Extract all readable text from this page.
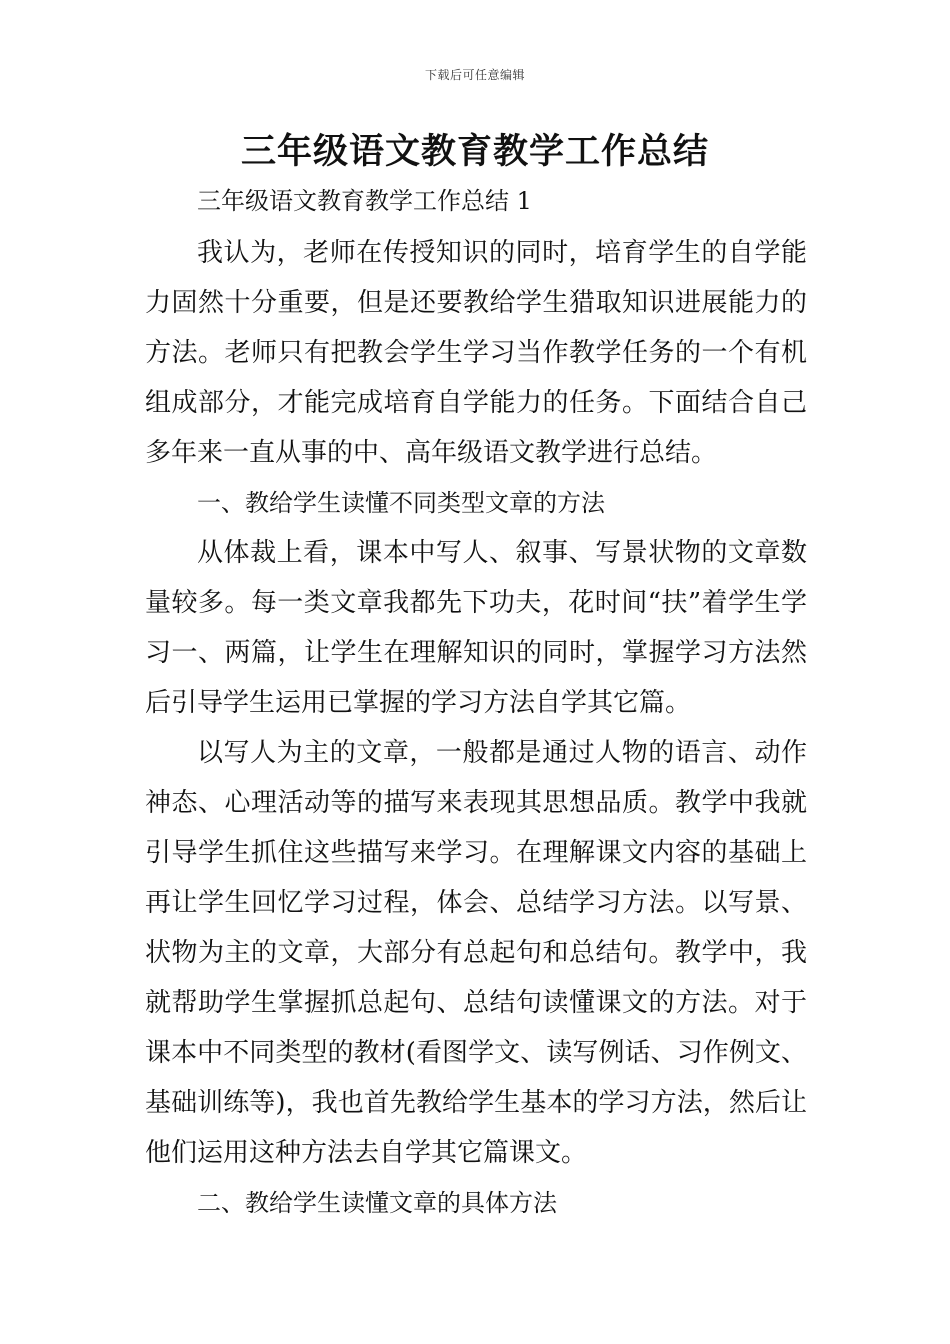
下载后可任意编辑
三年级语文教育教学工作总结

三年级语文教育教学工作总结 1

我认为，老师在传授知识的同时，培育学生的自学能力固然十分重要，但是还要教给学生猎取知识进展能力的方法。老师只有把教会学生学习当作教学任务的一个有机组成部分，才能完成培育自学能力的任务。下面结合自己多年来一直从事的中、高年级语文教学进行总结。

一、教给学生读懂不同类型文章的方法

从体裁上看，课本中写人、叙事、写景状物的文章数量较多。每一类文章我都先下功夫，花时间“扶”着学生学习一、两篇，让学生在理解知识的同时，掌握学习方法然后引导学生运用已掌握的学习方法自学其它篇。

以写人为主的文章，一般都是通过人物的语言、动作神态、心理活动等的描写来表现其思想品质。教学中我就引导学生抓住这些描写来学习。在理解课文内容的基础上再让学生回忆学习过程，体会、总结学习方法。以写景、状物为主的文章，大部分有总起句和总结句。教学中，我就帮助学生掌握抓总起句、总结句读懂课文的方法。对于课本中不同类型的教材(看图学文、读写例话、习作例文、基础训练等)，我也首先教给学生基本的学习方法，然后让他们运用这种方法去自学其它篇课文。

二、教给学生读懂文章的具体方法
